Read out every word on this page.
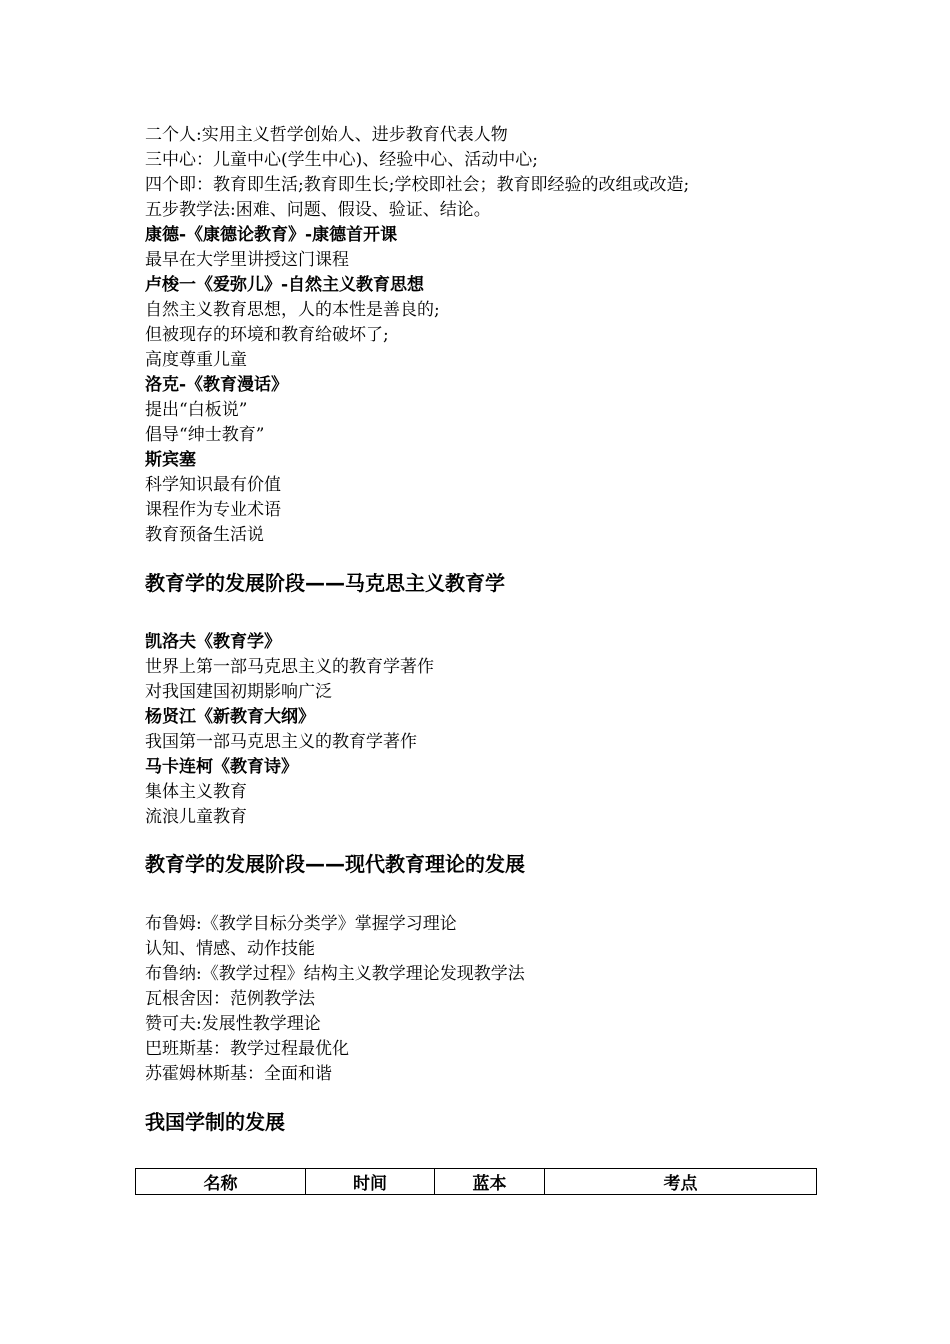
二个人:实用主义哲学创始人、进步教育代表人物
三中心：儿童中心(学生中心)、经验中心、活动中心;
四个即：教育即生活;教育即生长;学校即社会；教育即经验的改组或改造;
五步教学法:困难、问题、假设、验证、结论。
康德-《康德论教育》-康德首开课
最早在大学里讲授这门课程
卢梭一《爱弥儿》-自然主义教育思想
自然主义教育思想，人的本性是善良的;
但被现存的环境和教育给破坏了;
高度尊重儿童
洛克-《教育漫话》
提出“白板说”
倡导“绅士教育”
斯宾塞
科学知识最有价值
课程作为专业术语
教育预备生活说
教育学的发展阶段——马克思主义教育学
凯洛夫《教育学》
世界上第一部马克思主义的教育学著作
对我国建国初期影响广泛
杨贤江《新教育大纲》
我国第一部马克思主义的教育学著作
马卡连柯《教育诗》
集体主义教育
流浪儿童教育
教育学的发展阶段——现代教育理论的发展
布鲁姆:《教学目标分类学》掌握学习理论
认知、情感、动作技能
布鲁纳:《教学过程》结构主义教学理论发现教学法
瓦根舍因：范例教学法
赞可夫:发展性教学理论
巴班斯基：教学过程最优化
苏霍姆林斯基：全面和谐
我国学制的发展
名称	时间	蓝本	考点
